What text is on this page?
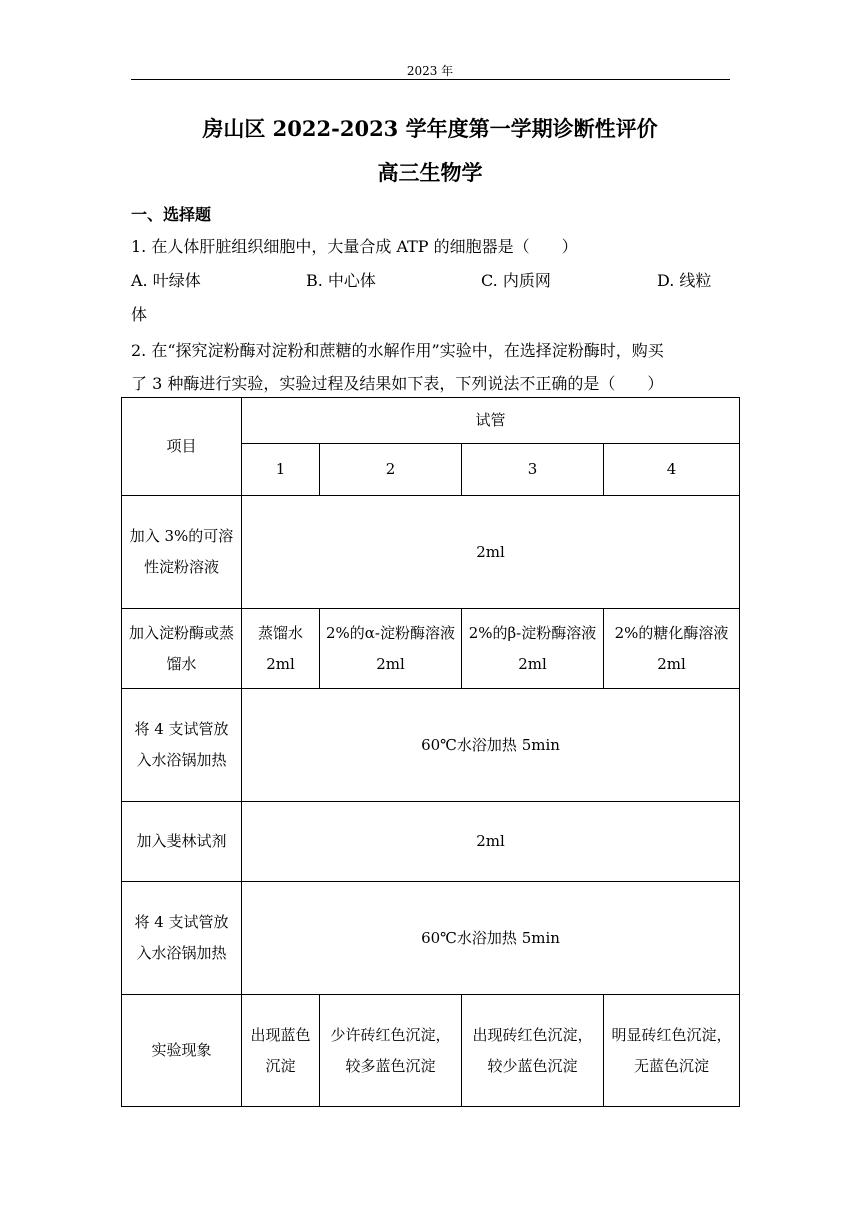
2023 年
房山区 2022-2023 学年度第一学期诊断性评价
高三生物学
一、选择题
1. 在人体肝脏组织细胞中，大量合成 ATP 的细胞器是（　　）
A. 叶绿体	B. 中心体	C. 内质网	D. 线粒
体
2. 在“探究淀粉酶对淀粉和蔗糖的水解作用”实验中，在选择淀粉酶时，购买
了 3 种酶进行实验，实验过程及结果如下表，下列说法不正确的是（　　）
项目	试管			
	1	2	3	4
加入 3%的可溶性淀粉溶液	2ml			
加入淀粉酶或蒸馏水	蒸馏水 2ml	2%的α-淀粉酶溶液 2ml	2%的β-淀粉酶溶液 2ml	2%的糖化酶溶液 2ml
将 4 支试管放入水浴锅加热	60℃水浴加热 5min			
加入斐林试剂	2ml			
将 4 支试管放入水浴锅加热	60℃水浴加热 5min			
实验现象	出现蓝色沉淀	少许砖红色沉淀，较多蓝色沉淀	出现砖红色沉淀，较少蓝色沉淀	明显砖红色沉淀，无蓝色沉淀
